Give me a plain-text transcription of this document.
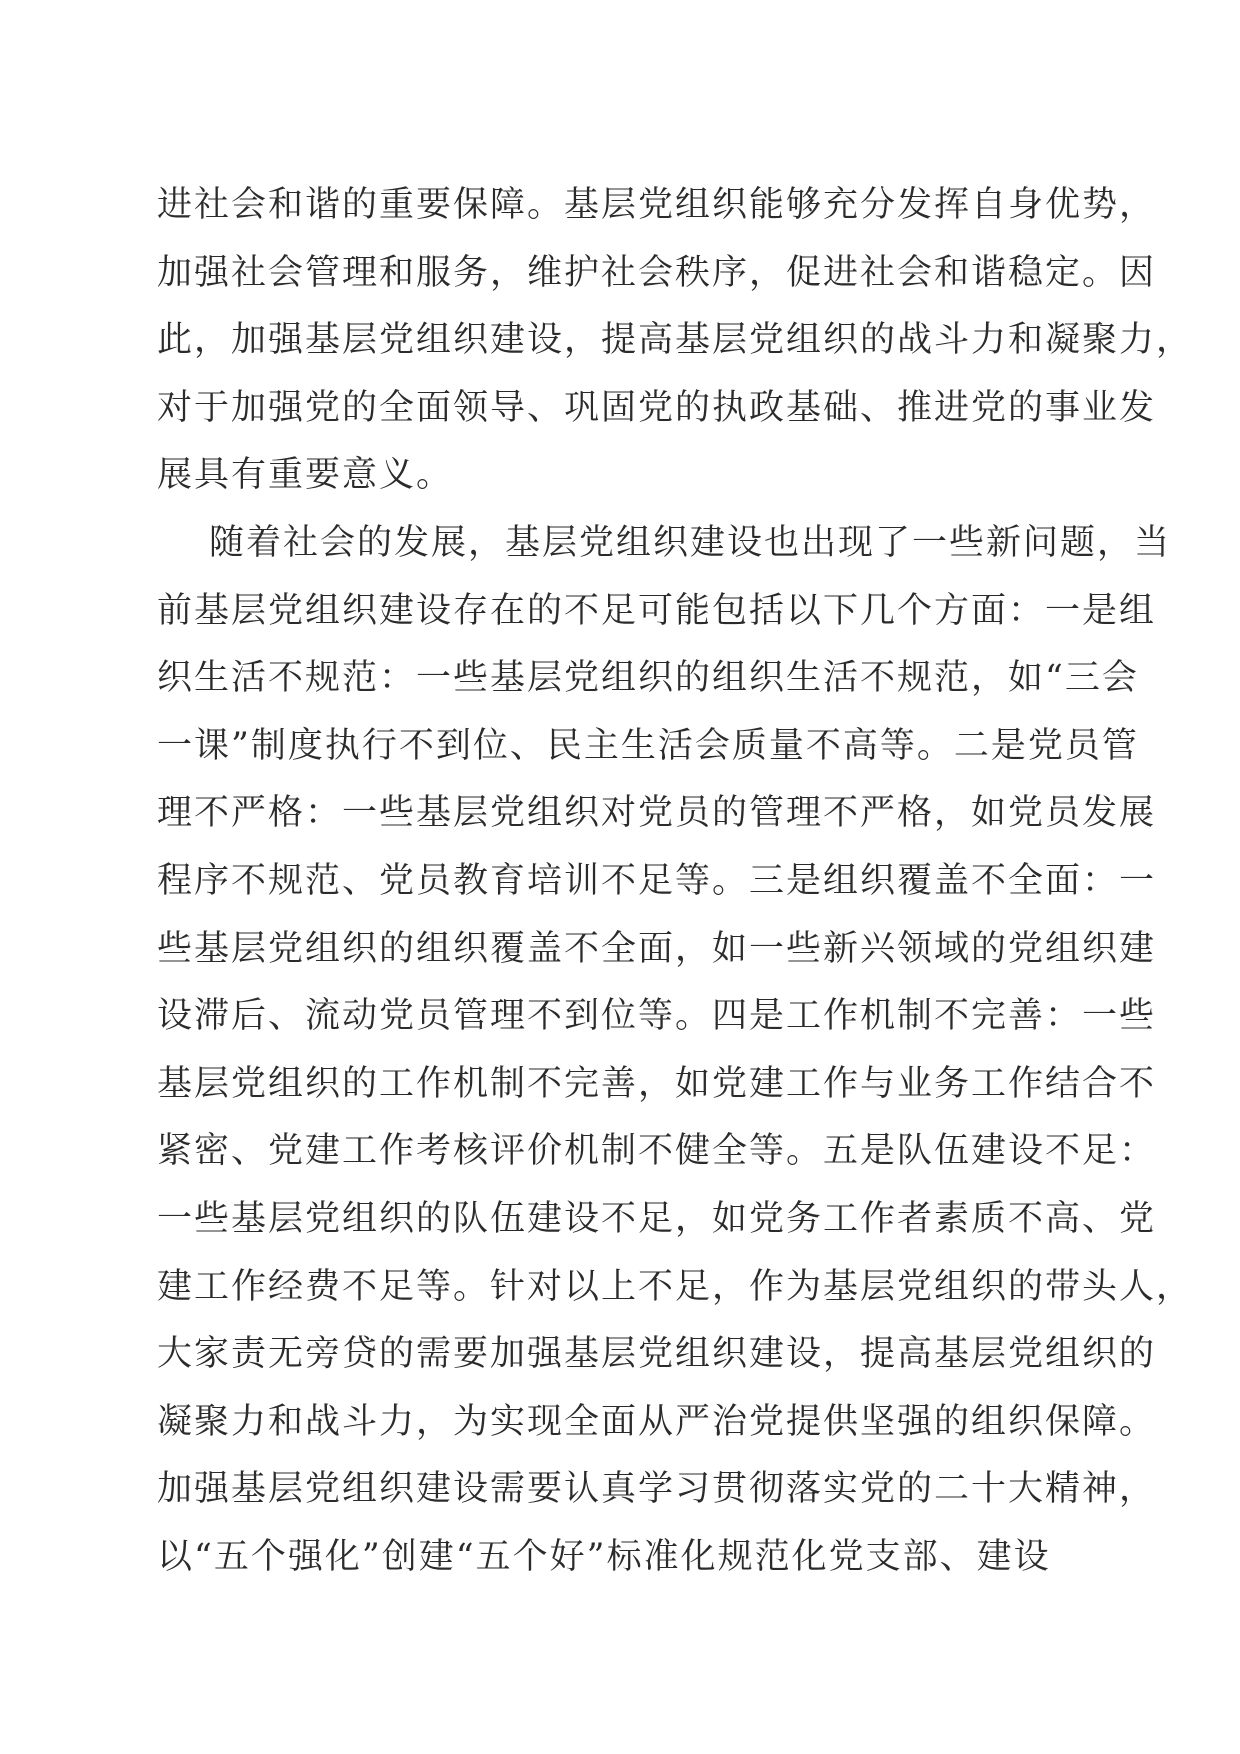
进社会和谐的重要保障。基层党组织能够充分发挥自身优势，
加强社会管理和服务，维护社会秩序，促进社会和谐稳定。因
此，加强基层党组织建设，提高基层党组织的战斗力和凝聚力，
对于加强党的全面领导、巩固党的执政基础、推进党的事业发
展具有重要意义。
随着社会的发展，基层党组织建设也出现了一些新问题，当
前基层党组织建设存在的不足可能包括以下几个方面：一是组
织生活不规范：一些基层党组织的组织生活不规范，如“三会
一课”制度执行不到位、民主生活会质量不高等。二是党员管
理不严格：一些基层党组织对党员的管理不严格，如党员发展
程序不规范、党员教育培训不足等。三是组织覆盖不全面：一
些基层党组织的组织覆盖不全面，如一些新兴领域的党组织建
设滞后、流动党员管理不到位等。四是工作机制不完善：一些
基层党组织的工作机制不完善，如党建工作与业务工作结合不
紧密、党建工作考核评价机制不健全等。五是队伍建设不足：
一些基层党组织的队伍建设不足，如党务工作者素质不高、党
建工作经费不足等。针对以上不足，作为基层党组织的带头人，
大家责无旁贷的需要加强基层党组织建设，提高基层党组织的
凝聚力和战斗力，为实现全面从严治党提供坚强的组织保障。
加强基层党组织建设需要认真学习贯彻落实党的二十大精神，
以“五个强化”创建“五个好”标准化规范化党支部、建设
